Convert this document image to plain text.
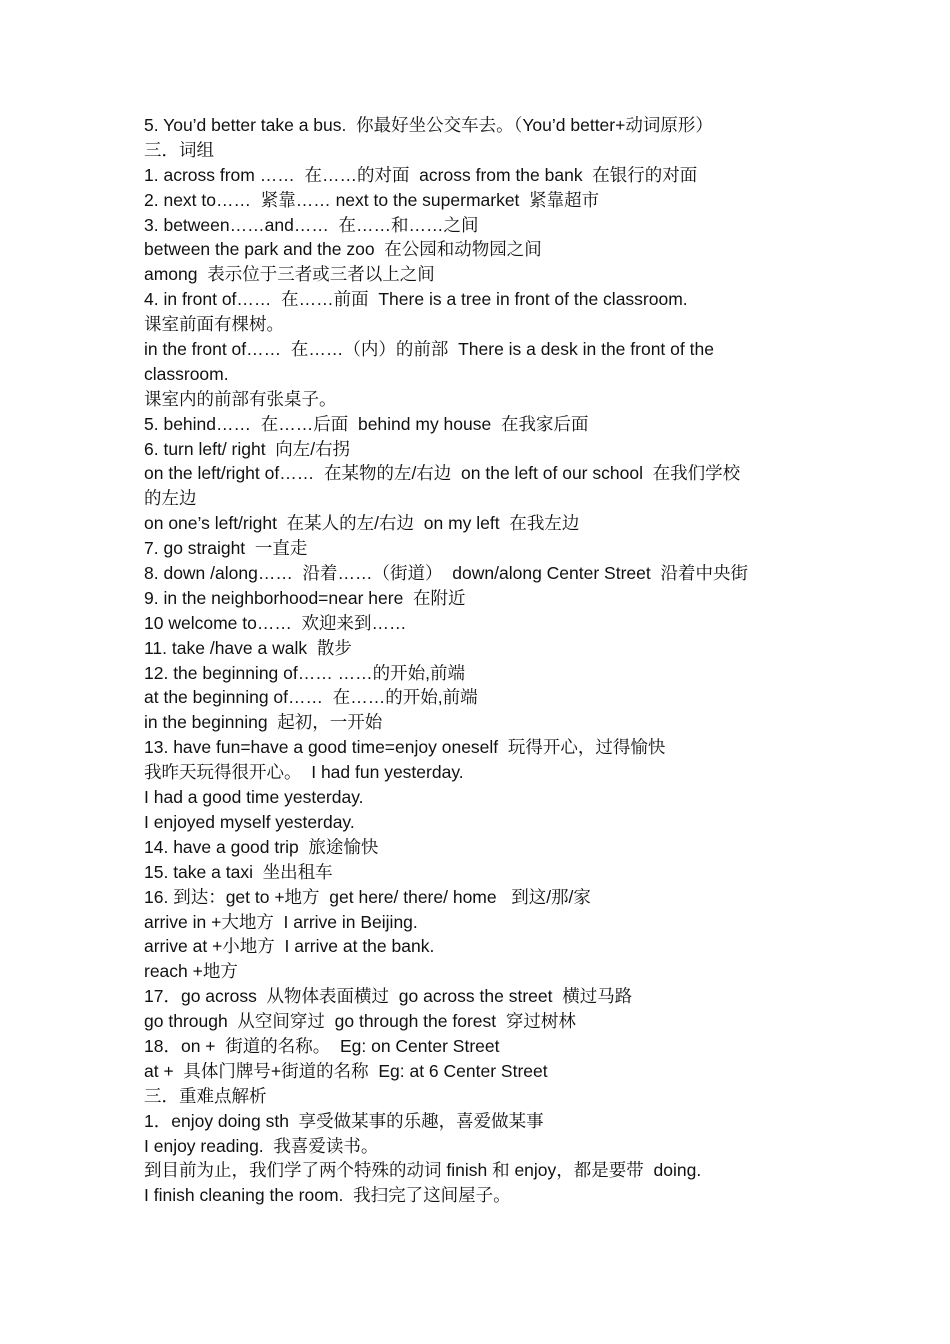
5. You’d better take a bus.  你最好坐公交车去。（You’d better+动词原形）
三．词组
1. across from ……  在……的对面  across from the bank  在银行的对面
2. next to……  紧靠…… next to the supermarket  紧靠超市
3. between……and……  在……和……之间
between the park and the zoo  在公园和动物园之间
among  表示位于三者或三者以上之间
4. in front of……  在……前面  There is a tree in front of the classroom.
课室前面有棵树。
in the front of……  在……（内）的前部  There is a desk in the front of the
classroom.
课室内的前部有张桌子。
5. behind……  在……后面  behind my house  在我家后面
6. turn left/ right  向左/右拐
on the left/right of……  在某物的左/右边  on the left of our school  在我们学校
的左边
on one’s left/right  在某人的左/右边  on my left  在我左边
7. go straight  一直走
8. down /along……  沿着……（街道）  down/along Center Street  沿着中央街
9. in the neighborhood=near here  在附近
10 welcome to……  欢迎来到……
11. take /have a walk  散步
12. the beginning of…… ……的开始,前端
at the beginning of……  在……的开始,前端
in the beginning  起初，一开始
13. have fun=have a good time=enjoy oneself  玩得开心，过得愉快
我昨天玩得很开心。  I had fun yesterday.
I had a good time yesterday.
I enjoyed myself yesterday.
14. have a good trip  旅途愉快
15. take a taxi  坐出租车
16. 到达：get to +地方  get here/ there/ home   到这/那/家
arrive in +大地方  I arrive in Beijing.
arrive at +小地方  I arrive at the bank.
reach +地方
17．go across  从物体表面横过  go across the street  横过马路
go through  从空间穿过  go through the forest  穿过树林
18．on +  街道的名称。  Eg: on Center Street
at +  具体门牌号+街道的名称  Eg: at 6 Center Street
三．重难点解析
1．enjoy doing sth  享受做某事的乐趣，喜爱做某事
I enjoy reading.  我喜爱读书。
到目前为止，我们学了两个特殊的动词 finish 和 enjoy，都是要带  doing.
I finish cleaning the room.  我扫完了这间屋子。
